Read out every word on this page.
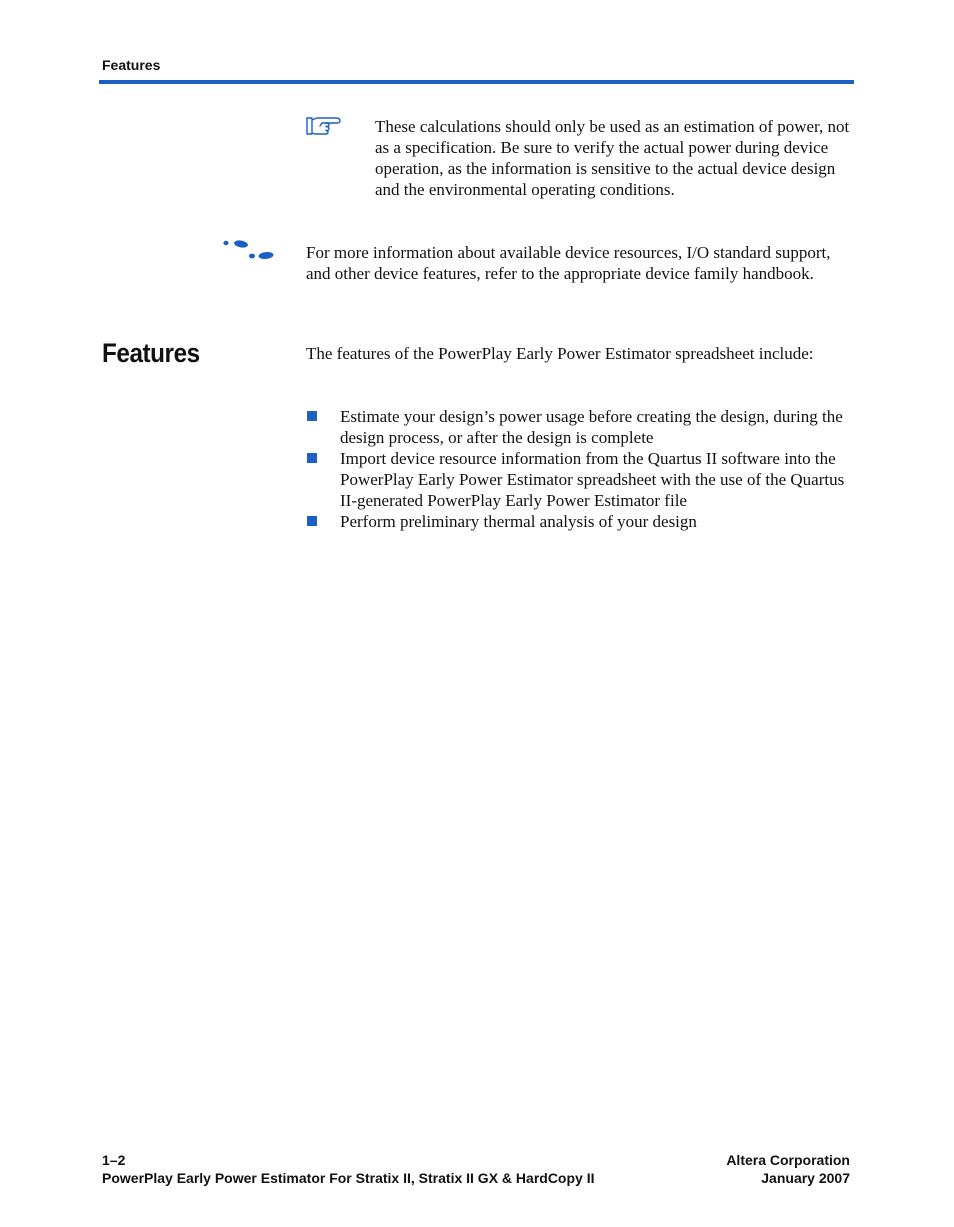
Features
These calculations should only be used as an estimation of power, not as a specification. Be sure to verify the actual power during device operation, as the information is sensitive to the actual device design and the environmental operating conditions.
For more information about available device resources, I/O standard support, and other device features, refer to the appropriate device family handbook.
Features	The features of the PowerPlay Early Power Estimator spreadsheet include:
Estimate your design’s power usage before creating the design, during the design process, or after the design is complete
Import device resource information from the Quartus II software into the PowerPlay Early Power Estimator spreadsheet with the use of the Quartus II-generated PowerPlay Early Power Estimator file
Perform preliminary thermal analysis of your design
1–2
PowerPlay Early Power Estimator For Stratix II, Stratix II GX & HardCopy II
Altera Corporation
January 2007
